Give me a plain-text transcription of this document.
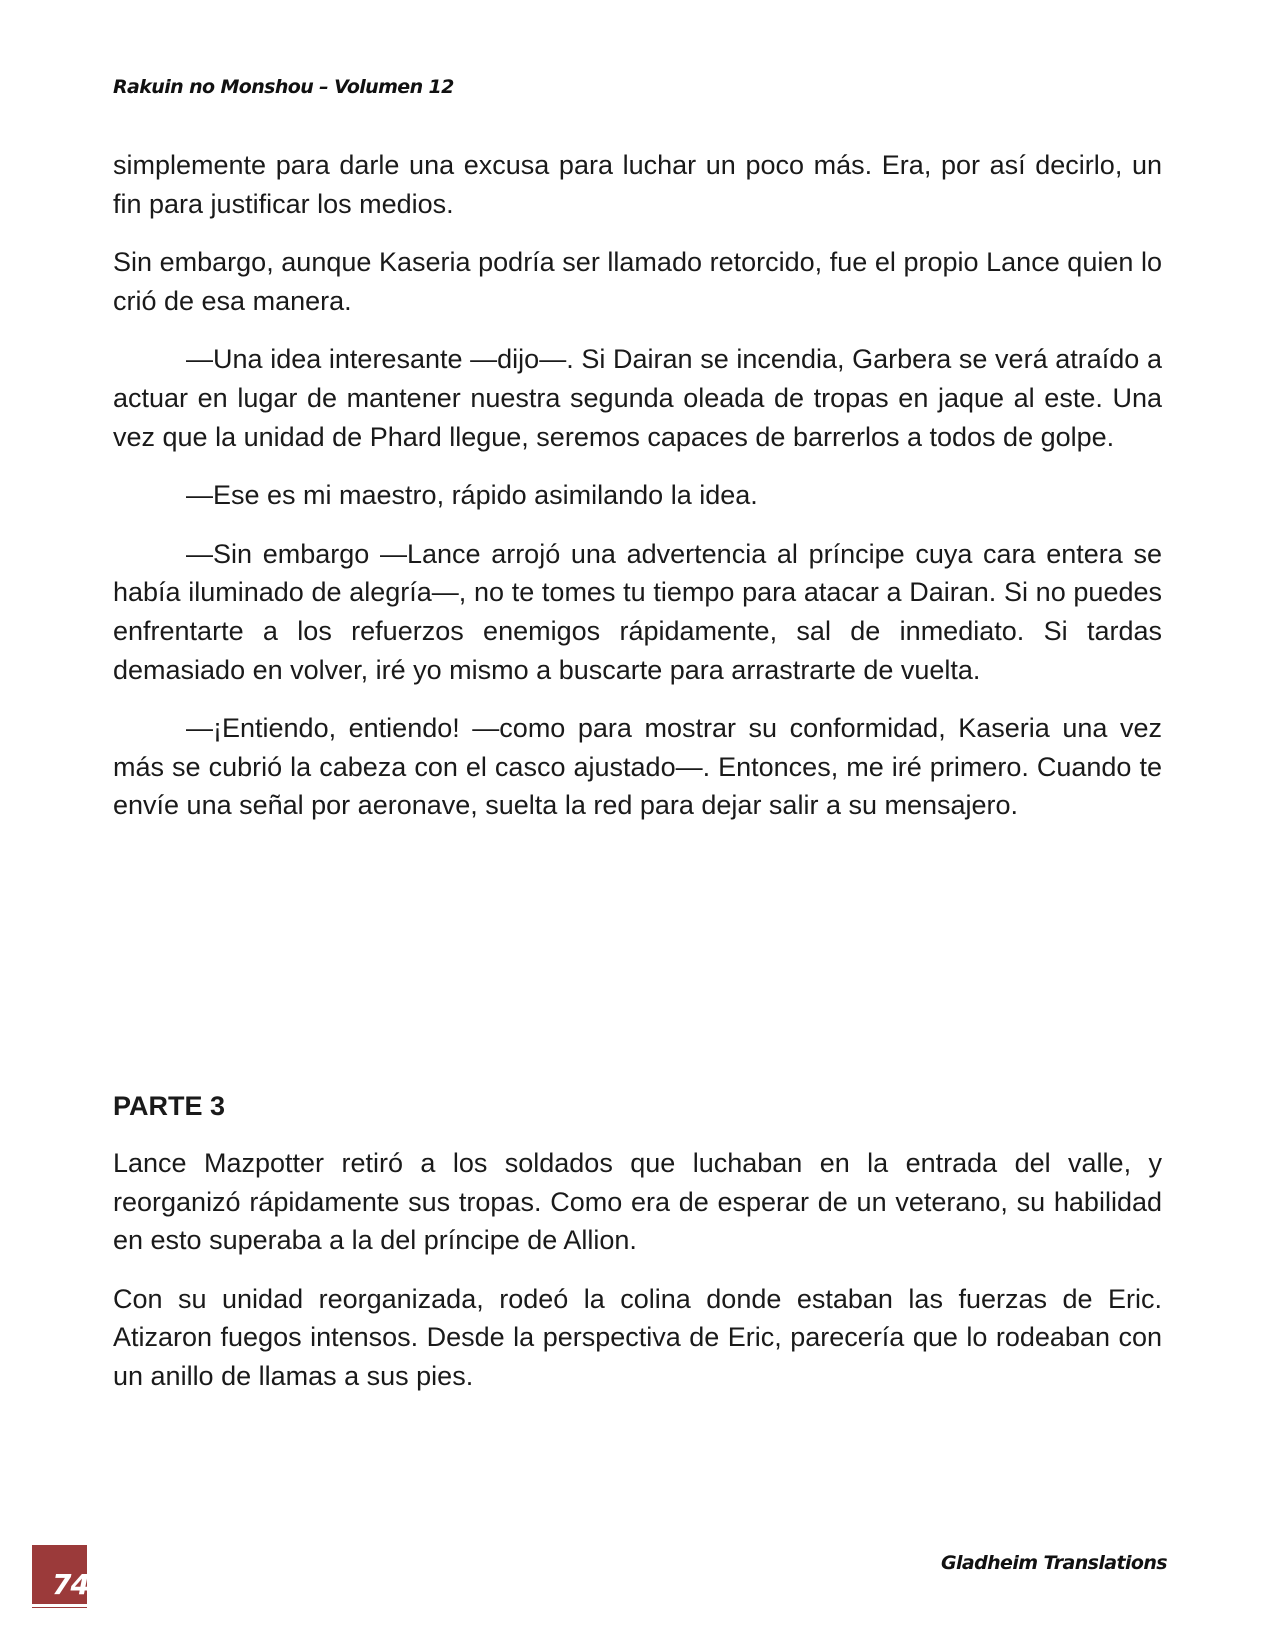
Rakuin no Monshou – Volumen 12

simplemente para darle una excusa para luchar un poco más. Era, por así decirlo, un fin para justificar los medios.

Sin embargo, aunque Kaseria podría ser llamado retorcido, fue el propio Lance quien lo crió de esa manera.

—Una idea interesante —dijo—. Si Dairan se incendia, Garbera se verá atraído a actuar en lugar de mantener nuestra segunda oleada de tropas en jaque al este. Una vez que la unidad de Phard llegue, seremos capaces de barrerlos a todos de golpe.

—Ese es mi maestro, rápido asimilando la idea.

—Sin embargo —Lance arrojó una advertencia al príncipe cuya cara entera se había iluminado de alegría—, no te tomes tu tiempo para atacar a Dairan. Si no puedes enfrentarte a los refuerzos enemigos rápidamente, sal de inmediato. Si tardas demasiado en volver, iré yo mismo a buscarte para arrastrarte de vuelta.

—¡Entiendo, entiendo! —como para mostrar su conformidad, Kaseria una vez más se cubrió la cabeza con el casco ajustado—. Entonces, me iré primero. Cuando te envíe una señal por aeronave, suelta la red para dejar salir a su mensajero.

PARTE 3

Lance Mazpotter retiró a los soldados que luchaban en la entrada del valle, y reorganizó rápidamente sus tropas. Como era de esperar de un veterano, su habilidad en esto superaba a la del príncipe de Allion.

Con su unidad reorganizada, rodeó la colina donde estaban las fuerzas de Eric. Atizaron fuegos intensos. Desde la perspectiva de Eric, parecería que lo rodeaban con un anillo de llamas a sus pies.

74
Gladheim Translations
